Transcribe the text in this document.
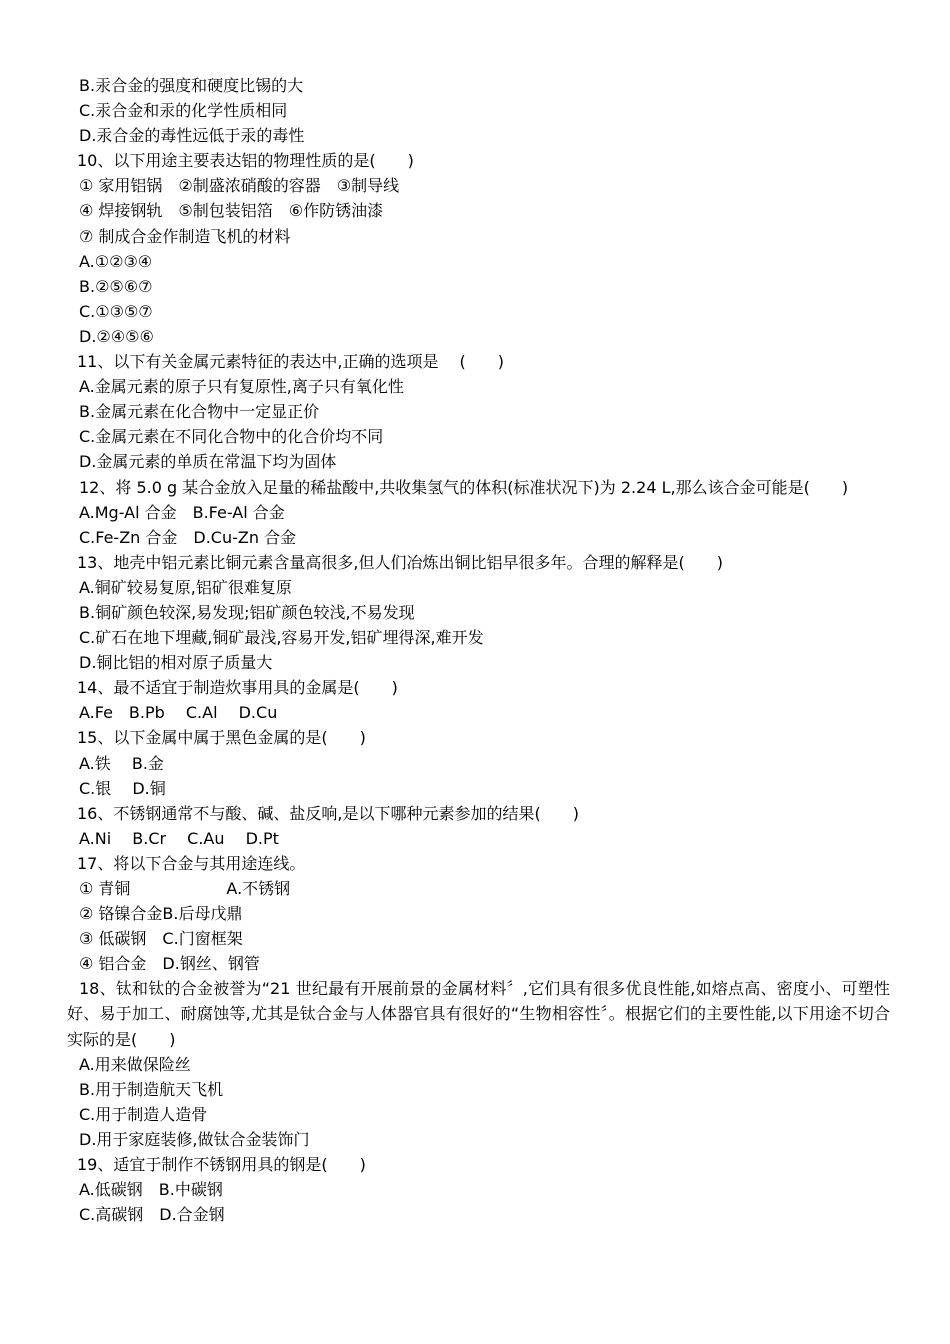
B.汞合金的强度和硬度比锡的大
C.汞合金和汞的化学性质相同
D.汞合金的毒性远低于汞的毒性
10、以下用途主要表达铝的物理性质的是(　　)
① 家用铝锅　②制盛浓硝酸的容器　③制导线
④ 焊接钢轨　⑤制包装铝箔　⑥作防锈油漆
⑦ 制成合金作制造飞机的材料
A.①②③④
B.②⑤⑥⑦
C.①③⑤⑦
D.②④⑤⑥
11、以下有关金属元素特征的表达中,正确的选项是　 (　　)
A.金属元素的原子只有复原性,离子只有氧化性
B.金属元素在化合物中一定显正价
C.金属元素在不同化合物中的化合价均不同
D.金属元素的单质在常温下均为固体
12、将 5.0 g 某合金放入足量的稀盐酸中,共收集氢气的体积(标准状况下)为 2.24 L,那么该合金可能是(　　)
A.Mg-Al 合金　B.Fe-Al 合金
C.Fe-Zn 合金　D.Cu-Zn 合金
13、地壳中铝元素比铜元素含量高很多,但人们冶炼出铜比铝早很多年。合理的解释是(　　)
A.铜矿较易复原,铝矿很难复原
B.铜矿颜色较深,易发现;铝矿颜色较浅,不易发现
C.矿石在地下埋藏,铜矿最浅,容易开发,铝矿埋得深,难开发
D.铜比铝的相对原子质量大
14、最不适宜于制造炊事用具的金属是(　　)
A.Fe　B.Pb　 C.Al　 D.Cu
15、以下金属中属于黑色金属的是(　　)
A.铁　 B.金
C.银　 D.铜
16、不锈钢通常不与酸、碱、盐反响,是以下哪种元素参加的结果(　　)
A.Ni　 B.Cr　 C.Au　 D.Pt
17、将以下合金与其用途连线。
① 青铜　　　　　　A.不锈钢
② 铬镍合金B.后母戊鼎
③ 低碳钢　C.门窗框架
④ 铝合金　D.钢丝、钢管
18、钛和钛的合金被誉为“21 世纪最有开展前景的金属材料〞,它们具有很多优良性能,如熔点高、密度小、可塑性好、易于加工、耐腐蚀等,尤其是钛合金与人体器官具有很好的“生物相容性〞。根据它们的主要性能,以下用途不切合实际的是(　　)
A.用来做保险丝
B.用于制造航天飞机
C.用于制造人造骨
D.用于家庭装修,做钛合金装饰门
19、适宜于制作不锈钢用具的钢是(　　)
A.低碳钢　B.中碳钢
C.高碳钢　D.合金钢
